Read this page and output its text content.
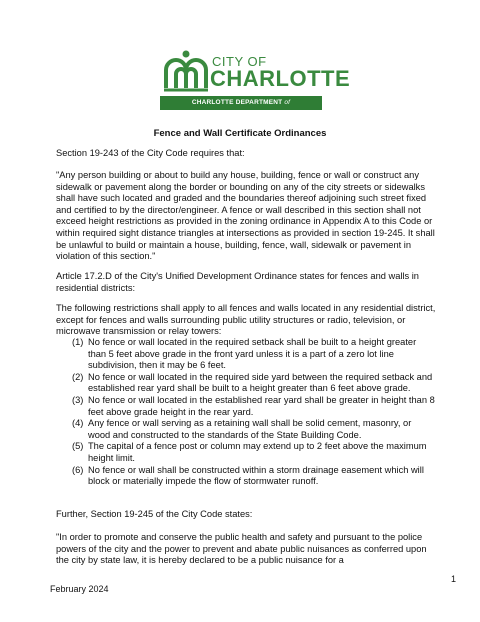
CITY OF
CHARLOTTE
CHARLOTTE DEPARTMENT of TRANSPORTATION
Fence and Wall Certificate Ordinances

Section 19-243 of the City Code requires that:

"Any person building or about to build any house, building, fence or wall or construct any sidewalk or pavement along the border or bounding on any of the city streets or sidewalks shall have such located and graded and the boundaries thereof adjoining such street fixed and certified to by the director/engineer. A fence or wall described in this section shall not exceed height restrictions as provided in the zoning ordinance in Appendix A to this Code or within required sight distance triangles at intersections as provided in section 19-245. It shall be unlawful to build or maintain a house, building, fence, wall, sidewalk or pavement in violation of this section."

Article 17.2.D of the City's Unified Development Ordinance states for fences and walls in residential districts:

The following restrictions shall apply to all fences and walls located in any residential district, except for fences and walls surrounding public utility structures or radio, television, or microwave transmission or relay towers:

(1) No fence or wall located in the required setback shall be built to a height greater than 5 feet above grade in the front yard unless it is a part of a zero lot line subdivision, then it may be 6 feet.
(2) No fence or wall located in the required side yard between the required setback and established rear yard shall be built to a height greater than 6 feet above grade.
(3) No fence or wall located in the established rear yard shall be greater in height than 8 feet above grade height in the rear yard.
(4) Any fence or wall serving as a retaining wall shall be solid cement, masonry, or wood and constructed to the standards of the State Building Code.
(5) The capital of a fence post or column may extend up to 2 feet above the maximum height limit.
(6) No fence or wall shall be constructed within a storm drainage easement which will block or materially impede the flow of stormwater runoff.

Further, Section 19-245 of the City Code states:

"In order to promote and conserve the public health and safety and pursuant to the police powers of the city and the power to prevent and abate public nuisances as conferred upon the city by state law, it is hereby declared to be a public nuisance for a

1
February 2024
